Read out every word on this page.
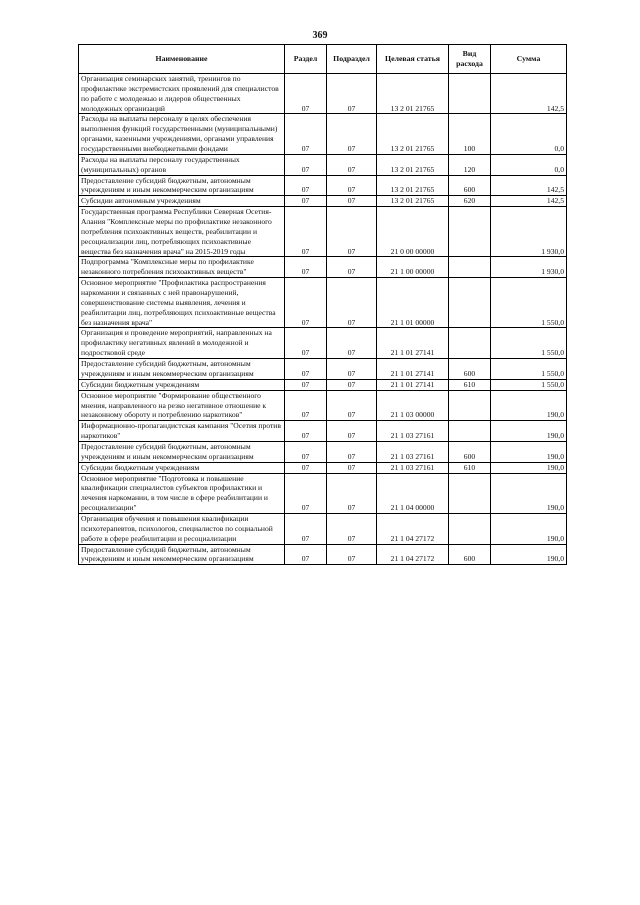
369
Наименование	Раздел	Подраздел	Целевая статья	Вид расхода	Сумма
Организация семинарских занятий, тренингов по профилактике экстремистских проявлений для специалистов по работе с молодежью и лидеров общественных молодежных организаций	07	07	13 2 01 21765		142,5
Расходы на выплаты персоналу в целях обеспечения выполнения функций государственными (муниципальными) органами, казенными учреждениями, органами управления государственными внебюджетными фондами	07	07	13 2 01 21765	100	0,0
Расходы на выплаты персоналу государственных (муниципальных) органов	07	07	13 2 01 21765	120	0,0
Предоставление субсидий бюджетным, автономным учреждениям и иным некоммерческим организациям	07	07	13 2 01 21765	600	142,5
Субсидии автономным учреждениям	07	07	13 2 01 21765	620	142,5
Государственная программа Республики Северная Осетия-Алания "Комплексные меры по профилактике незаконного потребления психоактивных веществ, реабилитации и ресоциализации лиц, потребляющих психоактивные вещества без назначения врача" на 2015-2019 годы	07	07	21 0 00 00000		1 930,0
Подпрограмма "Комплексные меры по профилактике незаконного потребления психоактивных веществ"	07	07	21 1 00 00000		1 930,0
Основное мероприятие "Профилактика распространения наркомании и связанных с ней правонарушений, совершенствование системы выявления, лечения и реабилитации лиц, потребляющих психоактивные вещества без назначения врача"	07	07	21 1 01 00000		1 550,0
Организация и проведение мероприятий, направленных на профилактику негативных явлений в молодежной и подростковой среде	07	07	21 1 01 27141		1 550,0
Предоставление субсидий бюджетным, автономным учреждениям и иным некоммерческим организациям	07	07	21 1 01 27141	600	1 550,0
Субсидии бюджетным учреждениям	07	07	21 1 01 27141	610	1 550,0
Основное мероприятие "Формирование общественного мнения, направленного на резко негативное отношение к незаконному обороту и потреблению наркотиков"	07	07	21 1 03 00000		190,0
Информационно-пропагандистская кампания "Осетия против наркотиков"	07	07	21 1 03 27161		190,0
Предоставление субсидий бюджетным, автономным учреждениям и иным некоммерческим организациям	07	07	21 1 03 27161	600	190,0
Субсидии бюджетным учреждениям	07	07	21 1 03 27161	610	190,0
Основное мероприятие "Подготовка и повышение квалификации специалистов субъектов профилактики и лечения наркомании, в том числе в сфере реабилитации и ресоциализации"	07	07	21 1 04 00000		190,0
Организация обучения и повышения квалификации психотерапевтов, психологов, специалистов по социальной работе в сфере реабилитации и ресоциализации	07	07	21 1 04 27172		190,0
Предоставление субсидий бюджетным, автономным учреждениям и иным некоммерческим организациям	07	07	21 1 04 27172	600	190,0
